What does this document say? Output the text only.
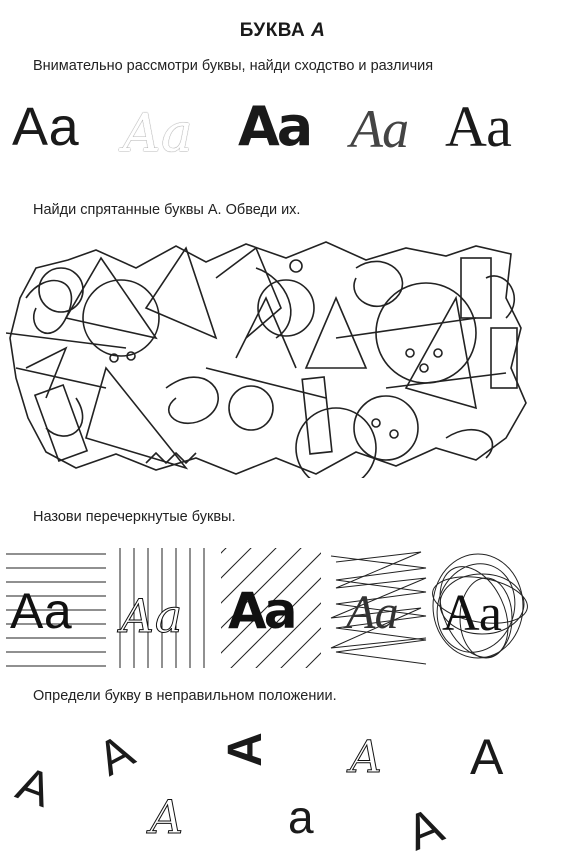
БУКВА А
Внимательно рассмотри буквы, найди сходство и различия
Аа Аа Аа Аа Аа
Найди спрятанные буквы А. Обведи их.
Назови перечеркнутые буквы.
Аа Аа Аа Аа Аа
Определи букву в неправильном положении.
A
A A A A
A a A
